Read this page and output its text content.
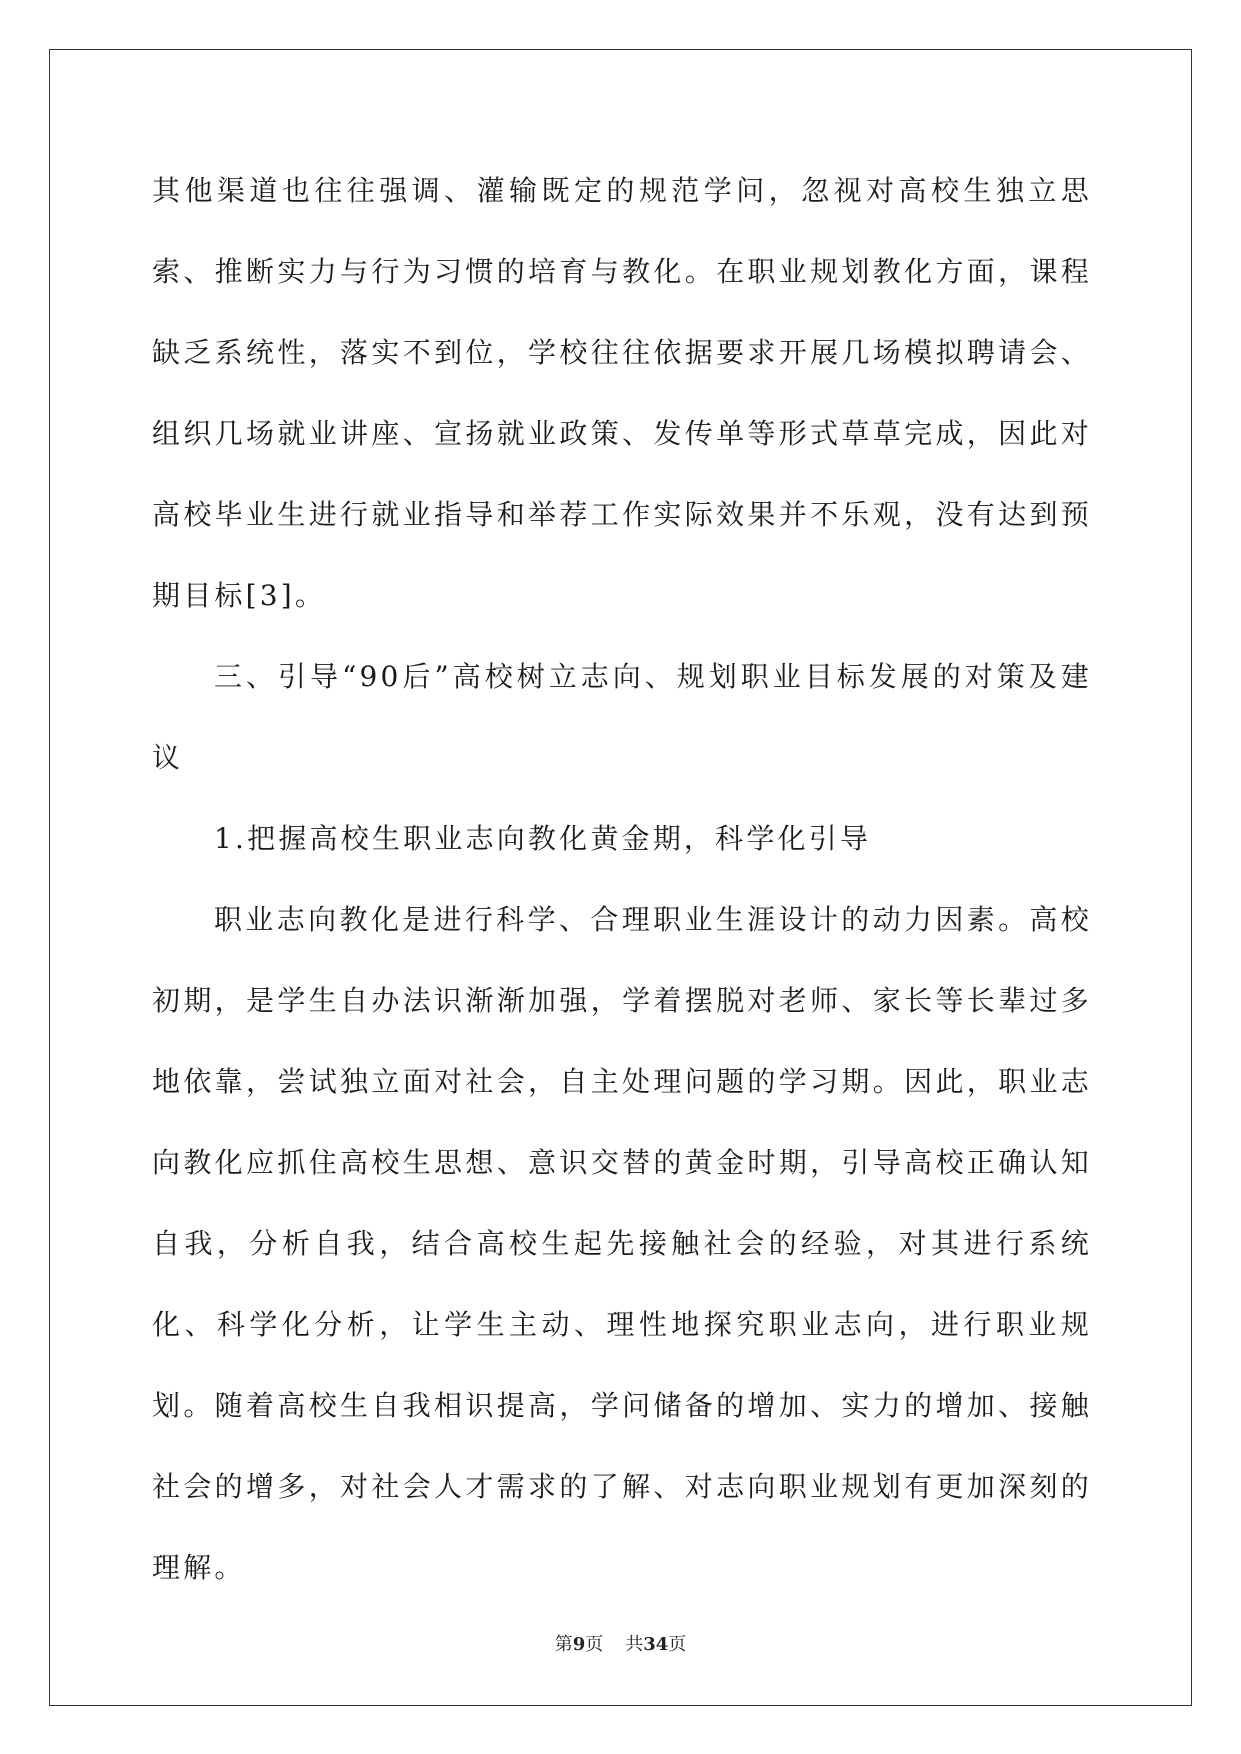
其他渠道也往往强调、灌输既定的规范学问，忽视对高校生独立思索、推断实力与行为习惯的培育与教化。在职业规划教化方面，课程缺乏系统性，落实不到位，学校往往依据要求开展几场模拟聘请会、组织几场就业讲座、宣扬就业政策、发传单等形式草草完成，因此对高校毕业生进行就业指导和举荐工作实际效果并不乐观，没有达到预期目标[3]。

三、引导“90后”高校树立志向、规划职业目标发展的对策及建议

1.把握高校生职业志向教化黄金期，科学化引导

职业志向教化是进行科学、合理职业生涯设计的动力因素。高校初期，是学生自办法识渐渐加强，学着摆脱对老师、家长等长辈过多地依靠，尝试独立面对社会，自主处理问题的学习期。因此，职业志向教化应抓住高校生思想、意识交替的黄金时期，引导高校正确认知自我，分析自我，结合高校生起先接触社会的经验，对其进行系统化、科学化分析，让学生主动、理性地探究职业志向，进行职业规划。随着高校生自我相识提高，学问储备的增加、实力的增加、接触社会的增多，对社会人才需求的了解、对志向职业规划有更加深刻的理解。

第9页 共34页
